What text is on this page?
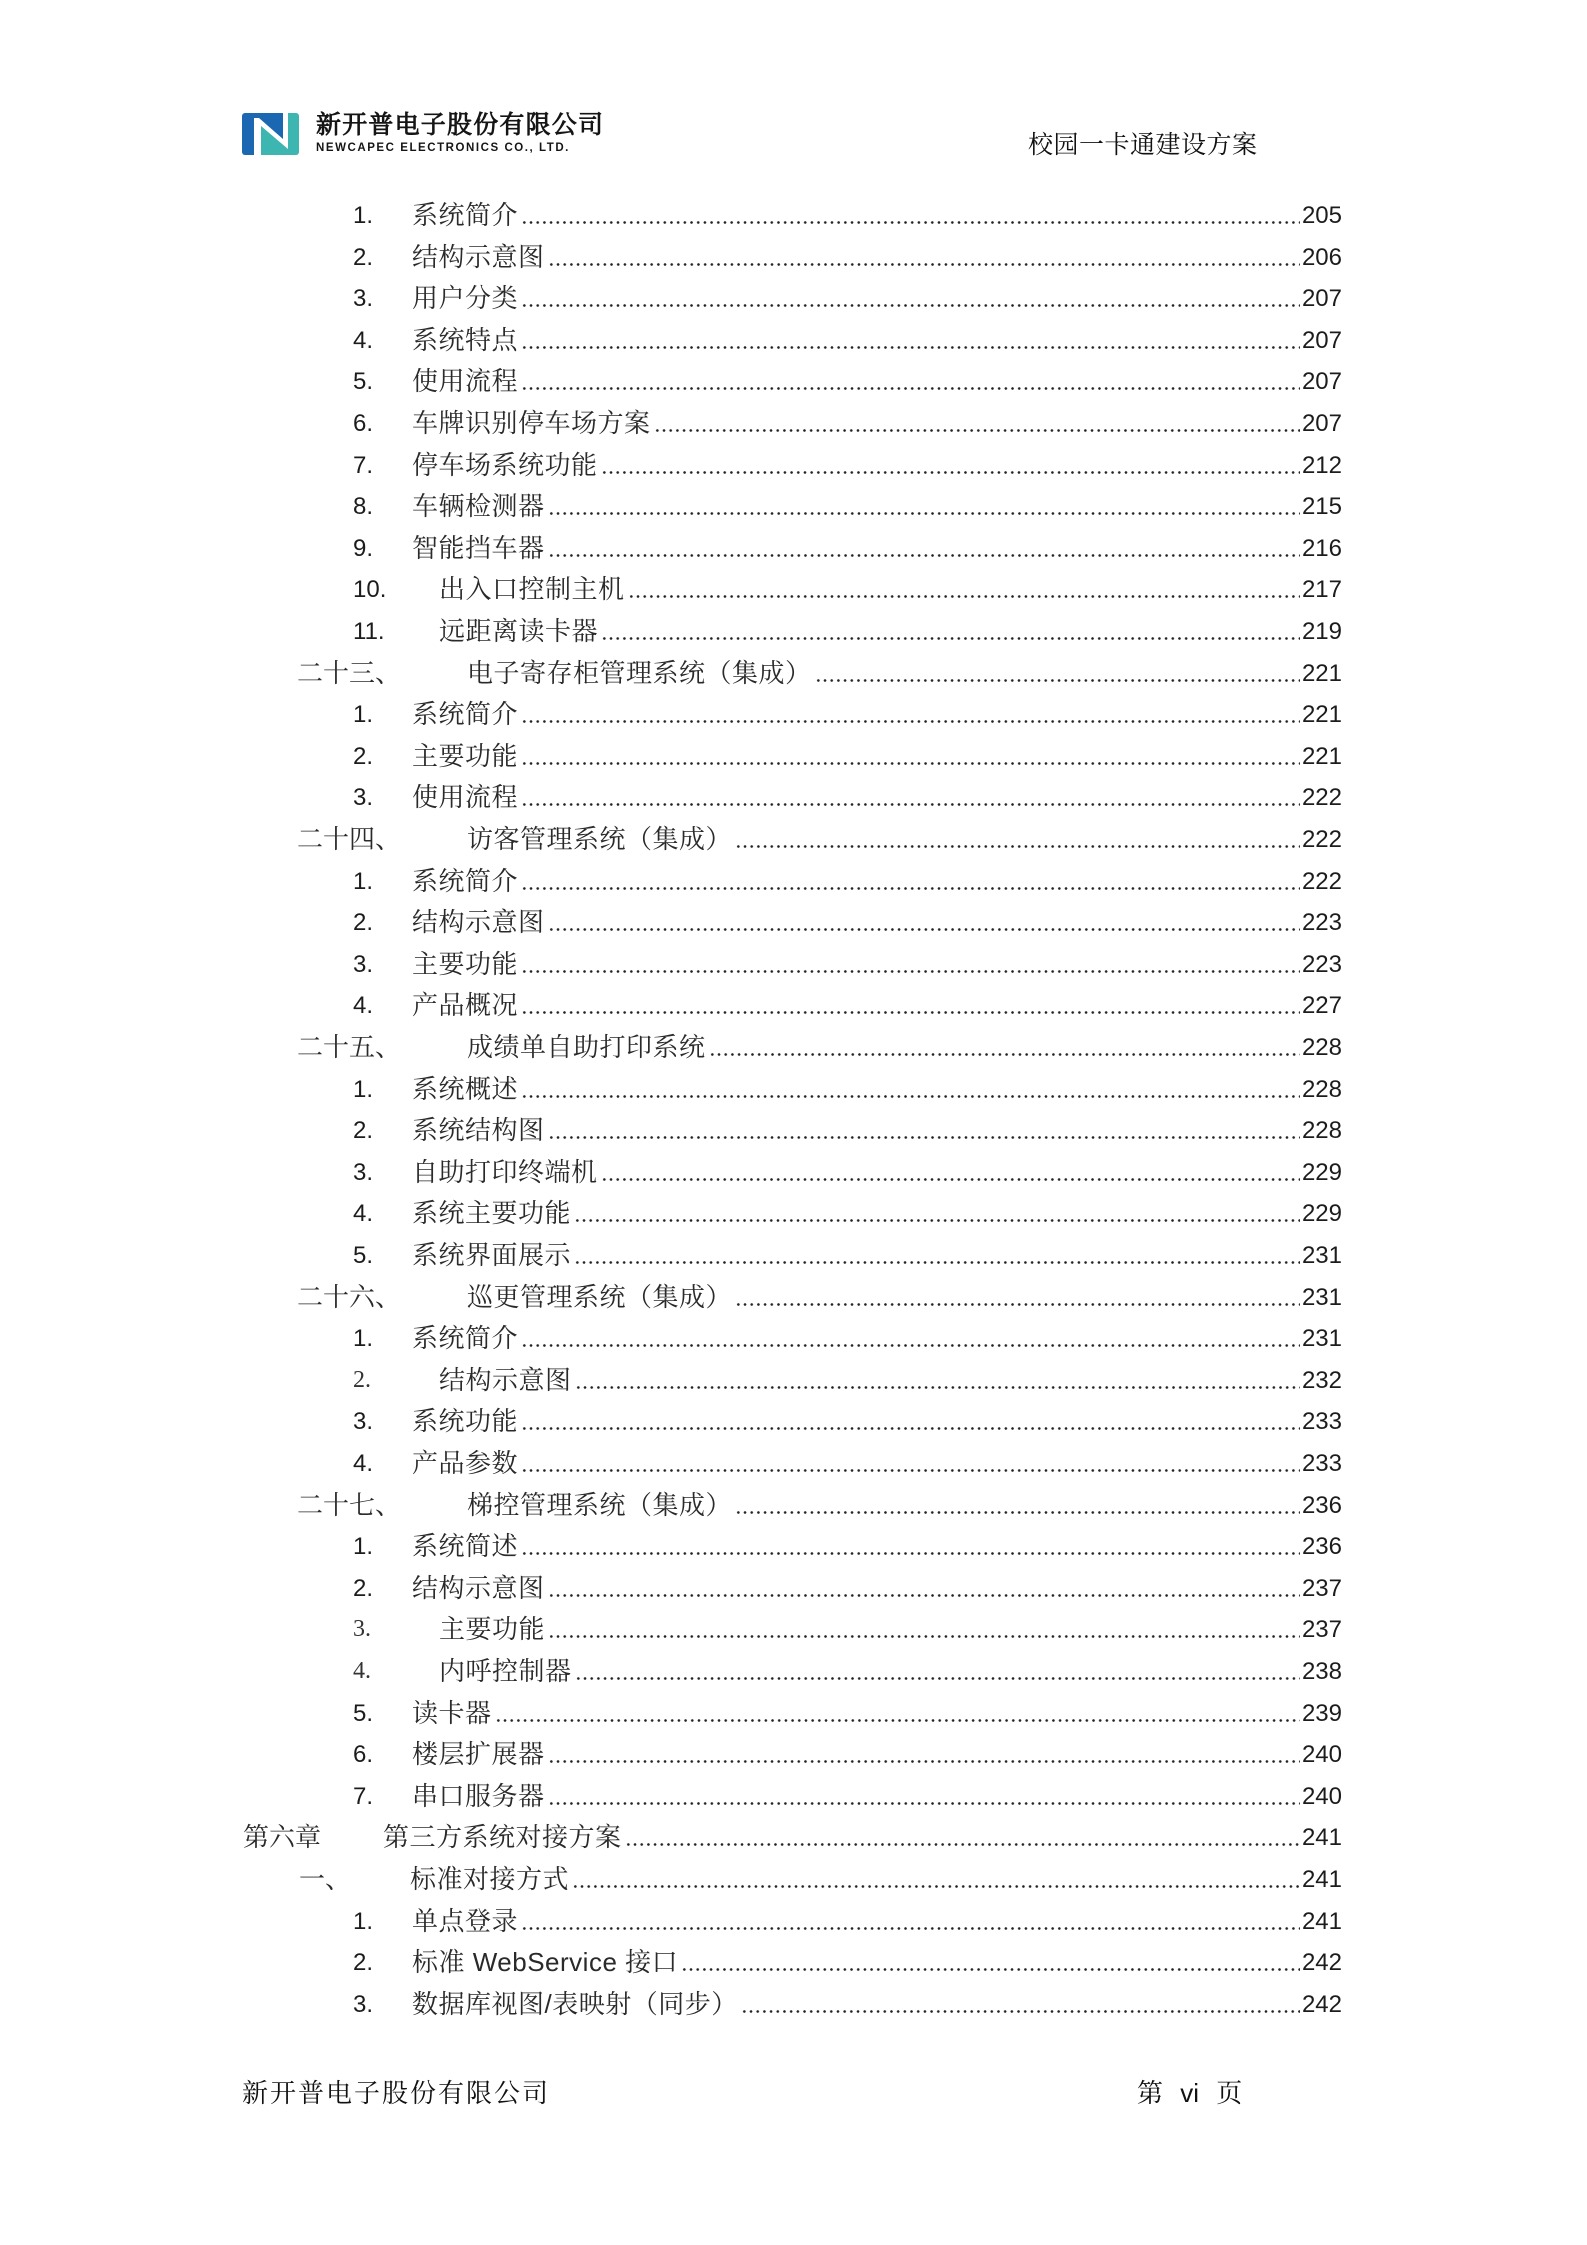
新开普电子股份有限公司
NEWCAPEC ELECTRONICS CO., LTD.	校园一卡通建设方案
1. 系统简介	205
2. 结构示意图	206
3. 用户分类	207
4. 系统特点	207
5. 使用流程	207
6. 车牌识别停车场方案	207
7. 停车场系统功能	212
8. 车辆检测器	215
9. 智能挡车器	216
10. 出入口控制主机	217
11. 远距离读卡器	219
二十三、	电子寄存柜管理系统（集成）	221
1. 系统简介	221
2. 主要功能	221
3. 使用流程	222
二十四、	访客管理系统（集成）	222
1. 系统简介	222
2. 结构示意图	223
3. 主要功能	223
4. 产品概况	227
二十五、	成绩单自助打印系统	228
1. 系统概述	228
2. 系统结构图	228
3. 自助打印终端机	229
4. 系统主要功能	229
5. 系统界面展示	231
二十六、	巡更管理系统（集成）	231
1. 系统简介	231
2.	结构示意图	232
3. 系统功能	233
4. 产品参数	233
二十七、	梯控管理系统（集成）	236
1. 系统简述	236
2. 结构示意图	237
3.	主要功能	237
4.	内呼控制器	238
5. 读卡器	239
6. 楼层扩展器	240
7. 串口服务器	240
第六章 第三方系统对接方案	241
一、 标准对接方式	241
1. 单点登录	241
2. 标准 WebService 接口	242
3. 数据库视图/表映射（同步）	242
新开普电子股份有限公司	第 vi 页
